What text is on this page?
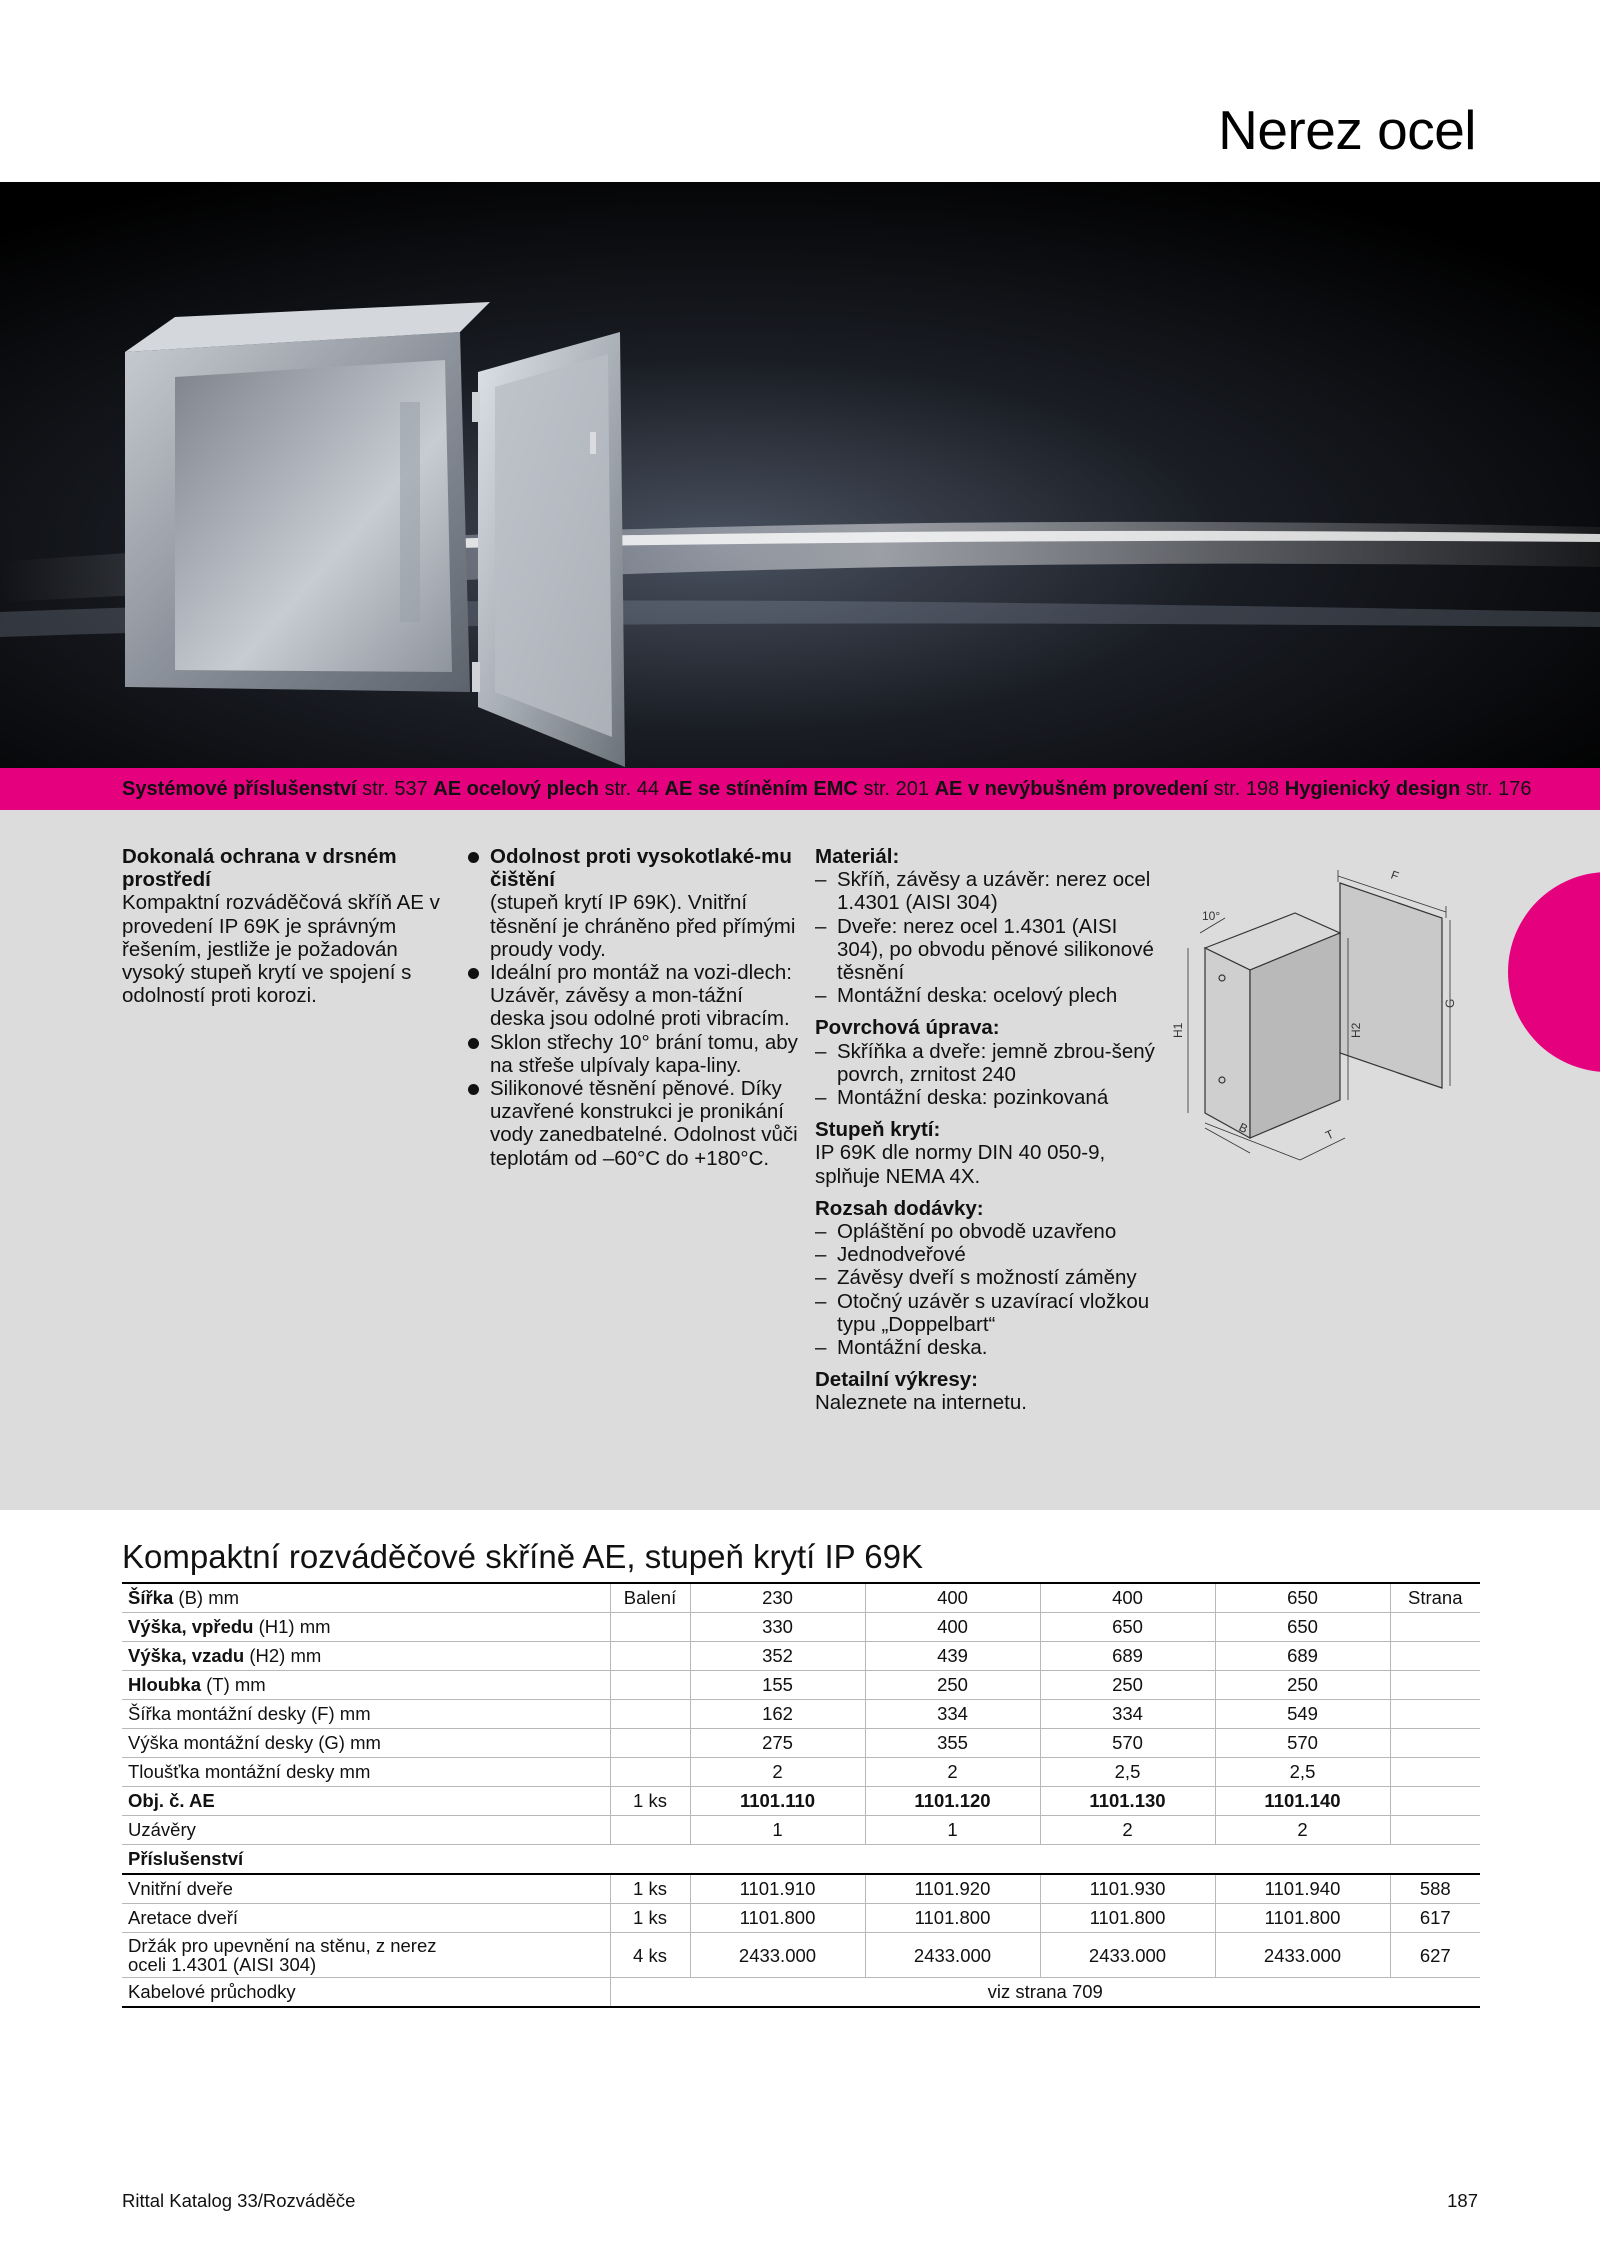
Nerez ocel
Systémové příslušenství str. 537 AE ocelový plech str. 44 AE se stíněním EMC str. 201 AE v nevýbušném provedení str. 198 Hygienický design str. 176
Dokonalá ochrana v drsném prostředí
Kompaktní rozváděčová skříň AE v provedení IP 69K je správným řešením, jestliže je požadován vysoký stupeň krytí ve spojení s odolností proti korozi.
Odolnost proti vysokotlaké-mu čištění
(stupeň krytí IP 69K). Vnitřní těsnění je chráněno před přímými proudy vody.
Ideální pro montáž na vozi-dlech: Uzávěr, závěsy a mon-tážní deska jsou odolné proti vibracím.
Sklon střechy 10° brání tomu, aby na střeše ulpívaly kapa-liny.
Silikonové těsnění pěnové. Díky uzavřené konstrukci je pronikání vody zanedbatelné. Odolnost vůči teplotám od –60°C do +180°C.
Materiál:
– Skříň, závěsy a uzávěr: nerez ocel 1.4301 (AISI 304)
– Dveře: nerez ocel 1.4301 (AISI 304), po obvodu pěnové silikonové těsnění
– Montážní deska: ocelový plech
Povrchová úprava:
– Skříňka a dveře: jemně zbrou-šený povrch, zrnitost 240
– Montážní deska: pozinkovaná
Stupeň krytí:
IP 69K dle normy DIN 40 050-9, splňuje NEMA 4X.
Rozsah dodávky:
– Opláštění po obvodě uzavřeno
– Jednodveřové
– Závěsy dveří s možností záměny
– Otočný uzávěr s uzavírací vložkou typu „Doppelbart“
– Montážní deska.
Detailní výkresy:
Naleznete na internetu.
10°
F
G
H1	H2
B	T
Kompaktní rozváděčové skříně AE, stupeň krytí IP 69K
Šířka (B) mm	Balení	230	400	400	650	Strana
Výška, vpředu (H1) mm		330	400	650	650	
Výška, vzadu (H2) mm		352	439	689	689	
Hloubka (T) mm		155	250	250	250	
Šířka montážní desky (F) mm		162	334	334	549	
Výška montážní desky (G) mm		275	355	570	570	
Tloušťka montážní desky mm		2	2	2,5	2,5	
Obj. č. AE	1 ks	1101.110	1101.120	1101.130	1101.140	
Uzávěry		1	1	2	2	
Příslušenství						
Vnitřní dveře	1 ks	1101.910	1101.920	1101.930	1101.940	588
Aretace dveří	1 ks	1101.800	1101.800	1101.800	1101.800	617
Držák pro upevnění na stěnu, z nerez oceli 1.4301 (AISI 304)	4 ks	2433.000	2433.000	2433.000	2433.000	627
Kabelové průchodky	viz strana 709					
Rittal Katalog 33/Rozváděče	187
